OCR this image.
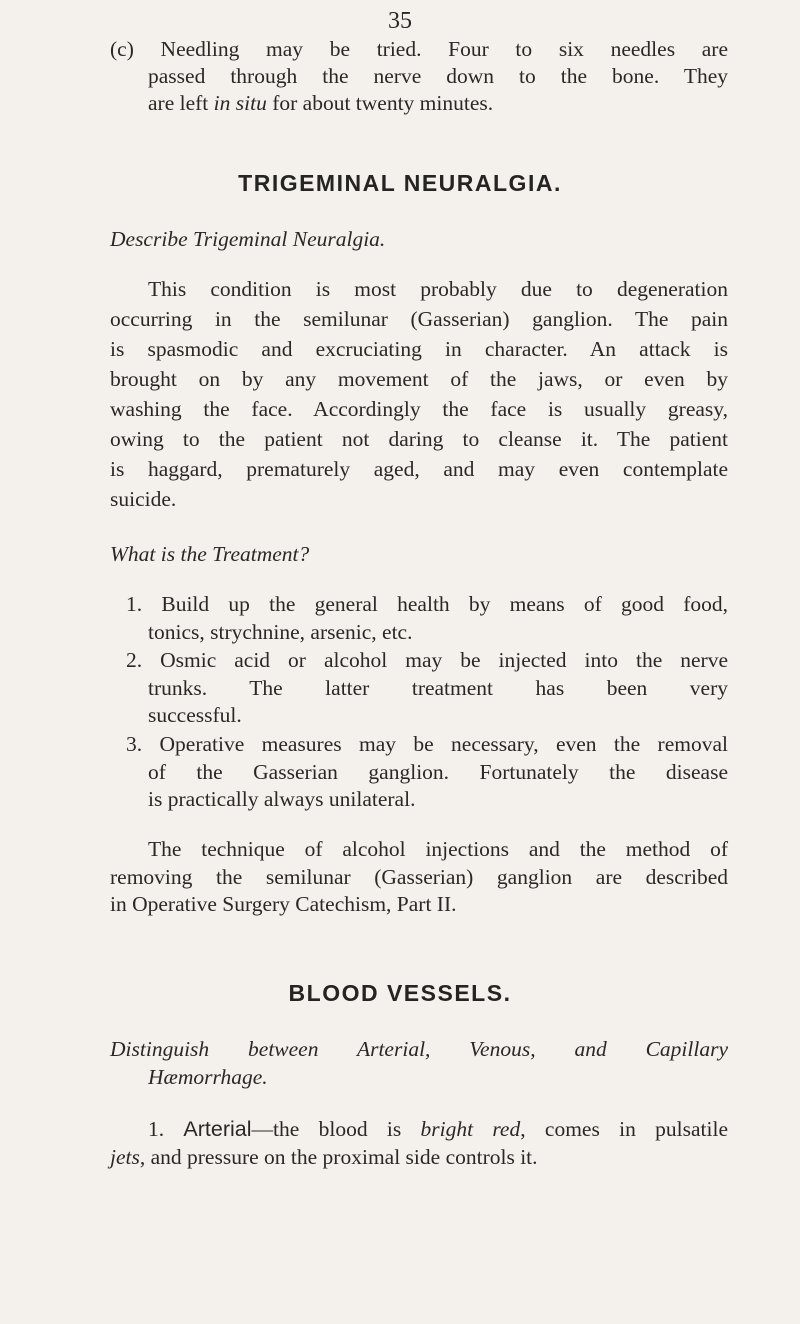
35
(c) Needling may be tried. Four to six needles are
passed through the nerve down to the bone. They
are left in situ for about twenty minutes.
TRIGEMINAL NEURALGIA.
Describe Trigeminal Neuralgia.
This condition is most probably due to degeneration
occurring in the semilunar (Gasserian) ganglion. The pain
is spasmodic and excruciating in character. An attack is
brought on by any movement of the jaws, or even by
washing the face. Accordingly the face is usually greasy,
owing to the patient not daring to cleanse it. The patient
is haggard, prematurely aged, and may even contemplate
suicide.
What is the Treatment?
1. Build up the general health by means of good food,
tonics, strychnine, arsenic, etc.
2. Osmic acid or alcohol may be injected into the nerve
trunks. The latter treatment has been very
successful.
3. Operative measures may be necessary, even the removal
of the Gasserian ganglion. Fortunately the disease
is practically always unilateral.
The technique of alcohol injections and the method of
removing the semilunar (Gasserian) ganglion are described
in Operative Surgery Catechism, Part II.
BLOOD VESSELS.
Distinguish between Arterial, Venous, and Capillary
Hæmorrhage.
1. Arterial—the blood is bright red, comes in pulsatile
jets, and pressure on the proximal side controls it.
